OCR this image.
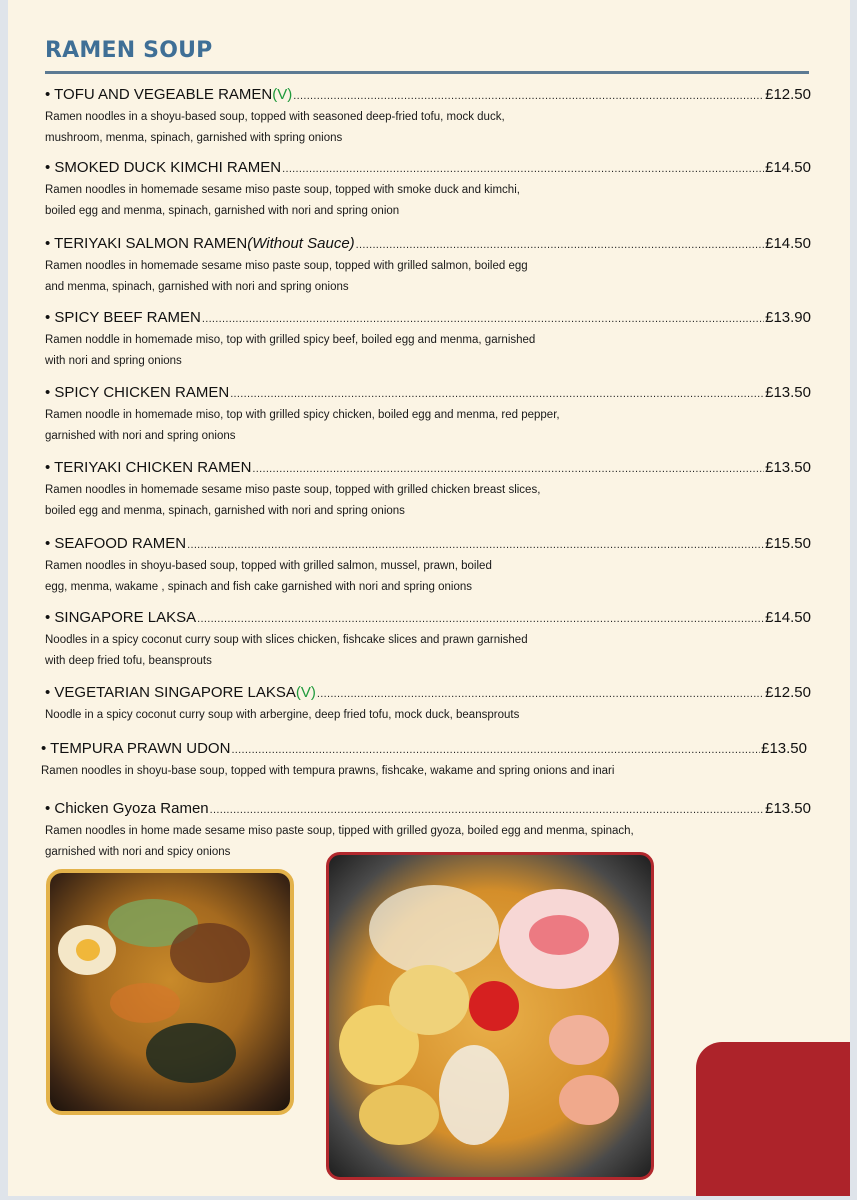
RAMEN SOUP
• TOFU AND VEGEABLE RAMEN (V) .....	£12.50
Ramen noodles in a shoyu-based soup, topped with seasoned deep-fried tofu, mock duck,
mushroom, menma, spinach, garnished with spring onions
• SMOKED DUCK KIMCHI RAMEN .....	£14.50
Ramen noodles in homemade sesame miso paste soup, topped with smoke duck and kimchi,
boiled egg and menma, spinach, garnished with nori and spring onion
• TERIYAKI SALMON RAMEN (Without Sauce) .....	£14.50
Ramen noodles in homemade sesame miso paste soup, topped with grilled salmon, boiled egg
and menma, spinach, garnished with nori and spring onions
• SPICY BEEF RAMEN .....	£13.90
Ramen noddle in homemade miso, top with grilled spicy beef, boiled egg and menma, garnished
with nori and spring onions
• SPICY CHICKEN RAMEN .....	£13.50
Ramen noodle in homemade miso, top with grilled spicy chicken, boiled egg and menma, red pepper,
garnished with nori and spring onions
• TERIYAKI CHICKEN RAMEN .....	£13.50
Ramen noodles in homemade sesame miso paste soup, topped with grilled chicken breast slices,
boiled egg and menma, spinach, garnished with nori and spring onions
• SEAFOOD RAMEN .....	£15.50
Ramen noodles in shoyu-based soup, topped with grilled salmon, mussel, prawn, boiled
egg, menma, wakame , spinach and fish cake garnished with nori and spring onions
• SINGAPORE LAKSA .....	£14.50
Noodles in a spicy coconut curry soup with slices chicken, fishcake slices and prawn garnished
with deep fried tofu, beansprouts
• VEGETARIAN SINGAPORE LAKSA (V) .....	£12.50
Noodle in a spicy coconut curry soup with arbergine, deep fried tofu, mock duck, beansprouts
• TEMPURA PRAWN UDON .....	£13.50
Ramen noodles in shoyu-base soup, topped with tempura prawns, fishcake, wakame and spring onions and inari
• Chicken Gyoza Ramen .....	£13.50
Ramen noodles in home made sesame miso paste soup, tipped with grilled gyoza, boiled egg and menma, spinach,
garnished with nori and spicy onions
